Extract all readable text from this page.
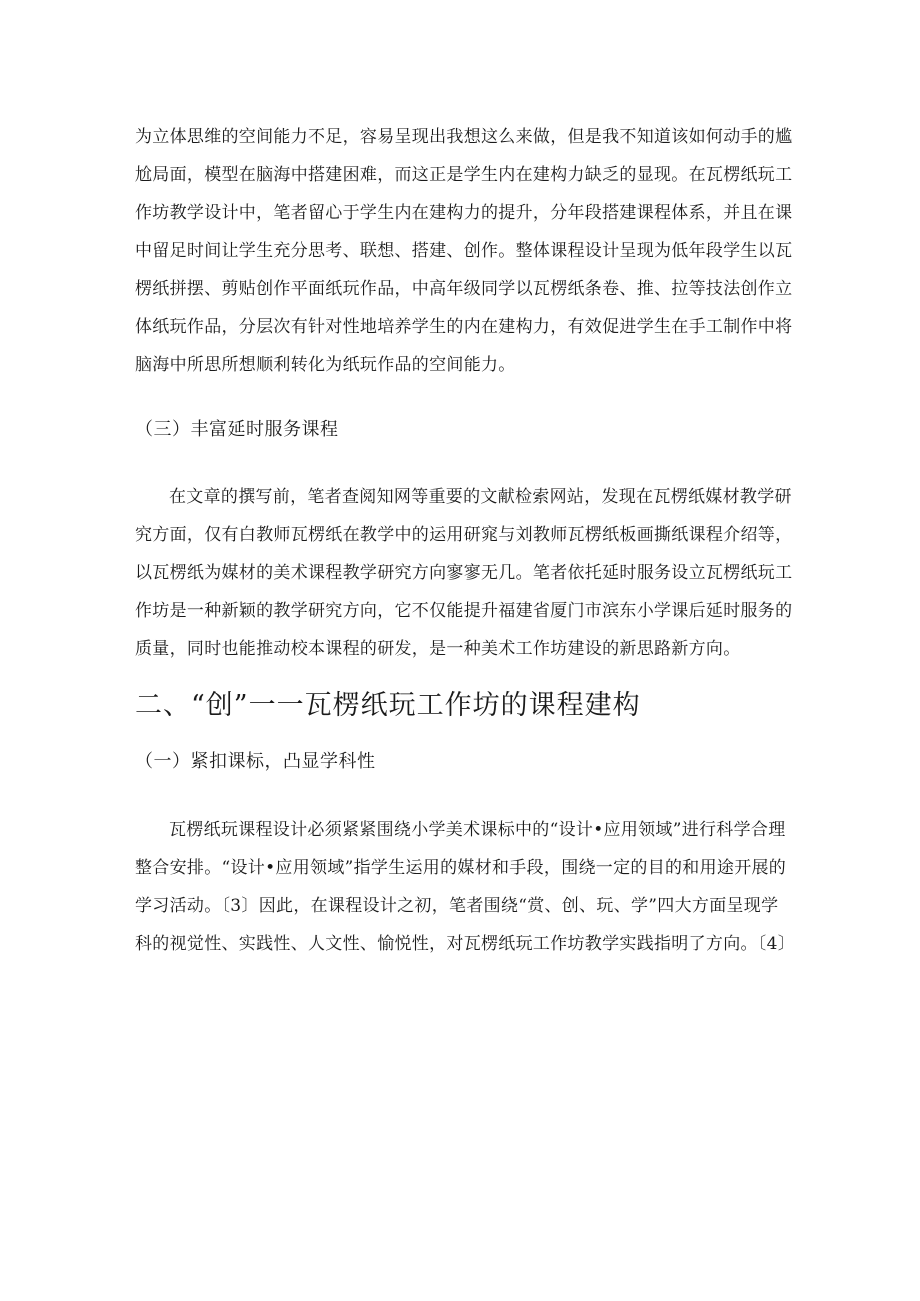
为立体思维的空间能力不足，容易呈现出我想这么来做，但是我不知道该如何动手的尴
尬局面，模型在脑海中搭建困难，而这正是学生内在建构力缺乏的显现。在瓦楞纸玩工
作坊教学设计中，笔者留心于学生内在建构力的提升，分年段搭建课程体系，并且在课
中留足时间让学生充分思考、联想、搭建、创作。整体课程设计呈现为低年段学生以瓦
楞纸拼摆、剪贴创作平面纸玩作品，中高年级同学以瓦楞纸条卷、推、拉等技法创作立
体纸玩作品，分层次有针对性地培养学生的内在建构力，有效促进学生在手工制作中将
脑海中所思所想顺利转化为纸玩作品的空间能力。

（三）丰富延时服务课程

在文章的撰写前，笔者查阅知网等重要的文献检索网站，发现在瓦楞纸媒材教学研
究方面，仅有白教师瓦楞纸在教学中的运用研窕与刘教师瓦楞纸板画撕纸课程介绍等，
以瓦楞纸为媒材的美术课程教学研究方向寥寥无几。笔者依托延时服务设立瓦楞纸玩工
作坊是一种新颖的教学研究方向，它不仅能提升福建省厦门市滨东小学课后延时服务的
质量，同时也能推动校本课程的研发，是一种美术工作坊建设的新思路新方向。
二、“创”一一瓦楞纸玩工作坊的课程建构

（一）紧扣课标，凸显学科性

瓦楞纸玩课程设计必须紧紧围绕小学美术课标中的“设计•应用领域”进行科学合理
整合安排。“设计•应用领域”指学生运用的媒材和手段，围绕一定的目的和用途开展的
学习活动。〔3〕因此，在课程设计之初，笔者围绕“赏、创、玩、学”四大方面呈现学
科的视觉性、实践性、人文性、愉悦性，对瓦楞纸玩工作坊教学实践指明了方向。〔4〕
